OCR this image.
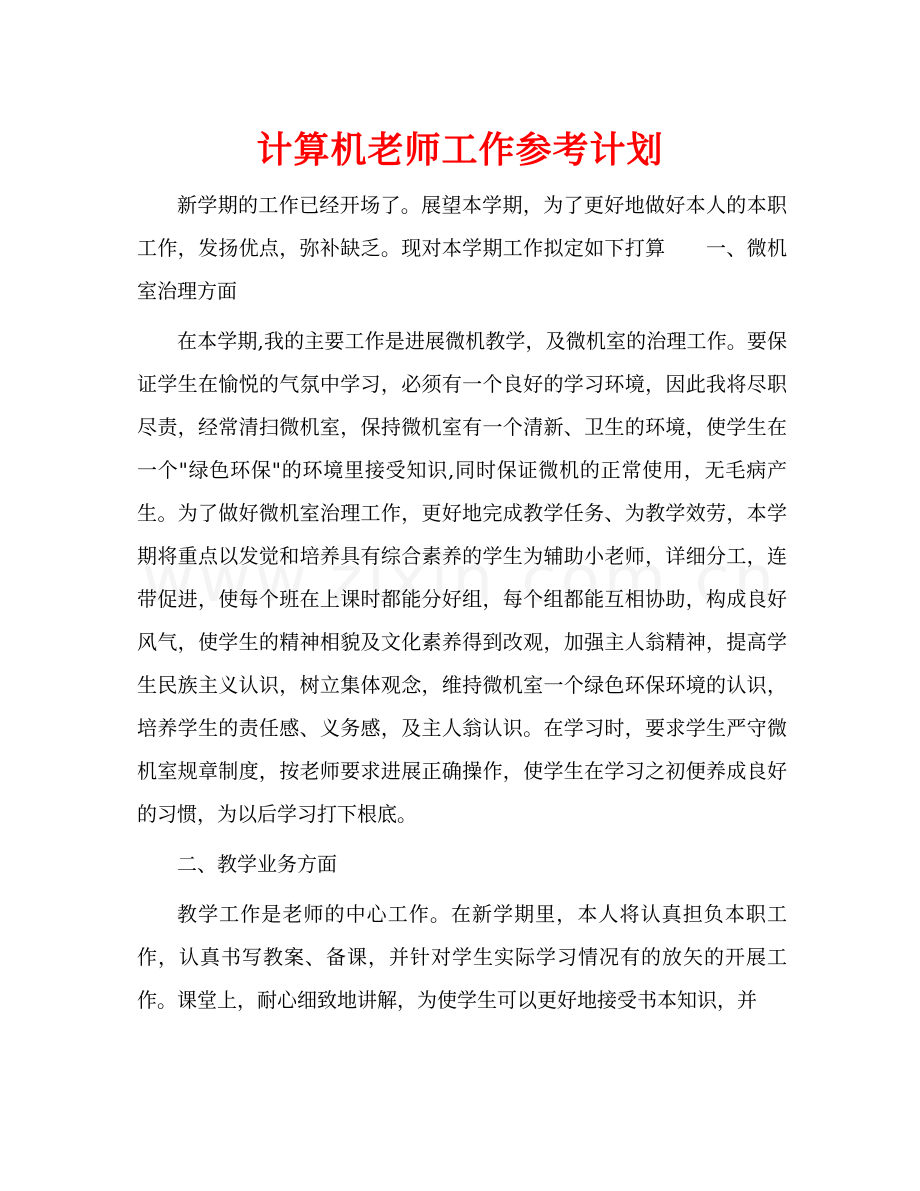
计算机老师工作参考计划

新学期的工作已经开场了。展望本学期，为了更好地做好本人的本职工作，发扬优点，弥补缺乏。现对本学期工作拟定如下打算　　一、微机室治理方面

在本学期,我的主要工作是进展微机教学，及微机室的治理工作。要保证学生在愉悦的气氛中学习，必须有一个良好的学习环境，因此我将尽职尽责，经常清扫微机室，保持微机室有一个清新、卫生的环境，使学生在一个"绿色环保"的环境里接受知识,同时保证微机的正常使用，无毛病产生。为了做好微机室治理工作，更好地完成教学任务、为教学效劳，本学期将重点以发觉和培养具有综合素养的学生为辅助小老师，详细分工，连带促进，使每个班在上课时都能分好组，每个组都能互相协助，构成良好风气，使学生的精神相貌及文化素养得到改观，加强主人翁精神，提高学生民族主义认识，树立集体观念，维持微机室一个绿色环保环境的认识，培养学生的责任感、义务感，及主人翁认识。在学习时，要求学生严守微机室规章制度，按老师要求进展正确操作，使学生在学习之初便养成良好的习惯，为以后学习打下根底。

二、教学业务方面

教学工作是老师的中心工作。在新学期里，本人将认真担负本职工作，认真书写教案、备课，并针对学生实际学习情况有的放矢的开展工作。课堂上，耐心细致地讲解，为使学生可以更好地接受书本知识，并
